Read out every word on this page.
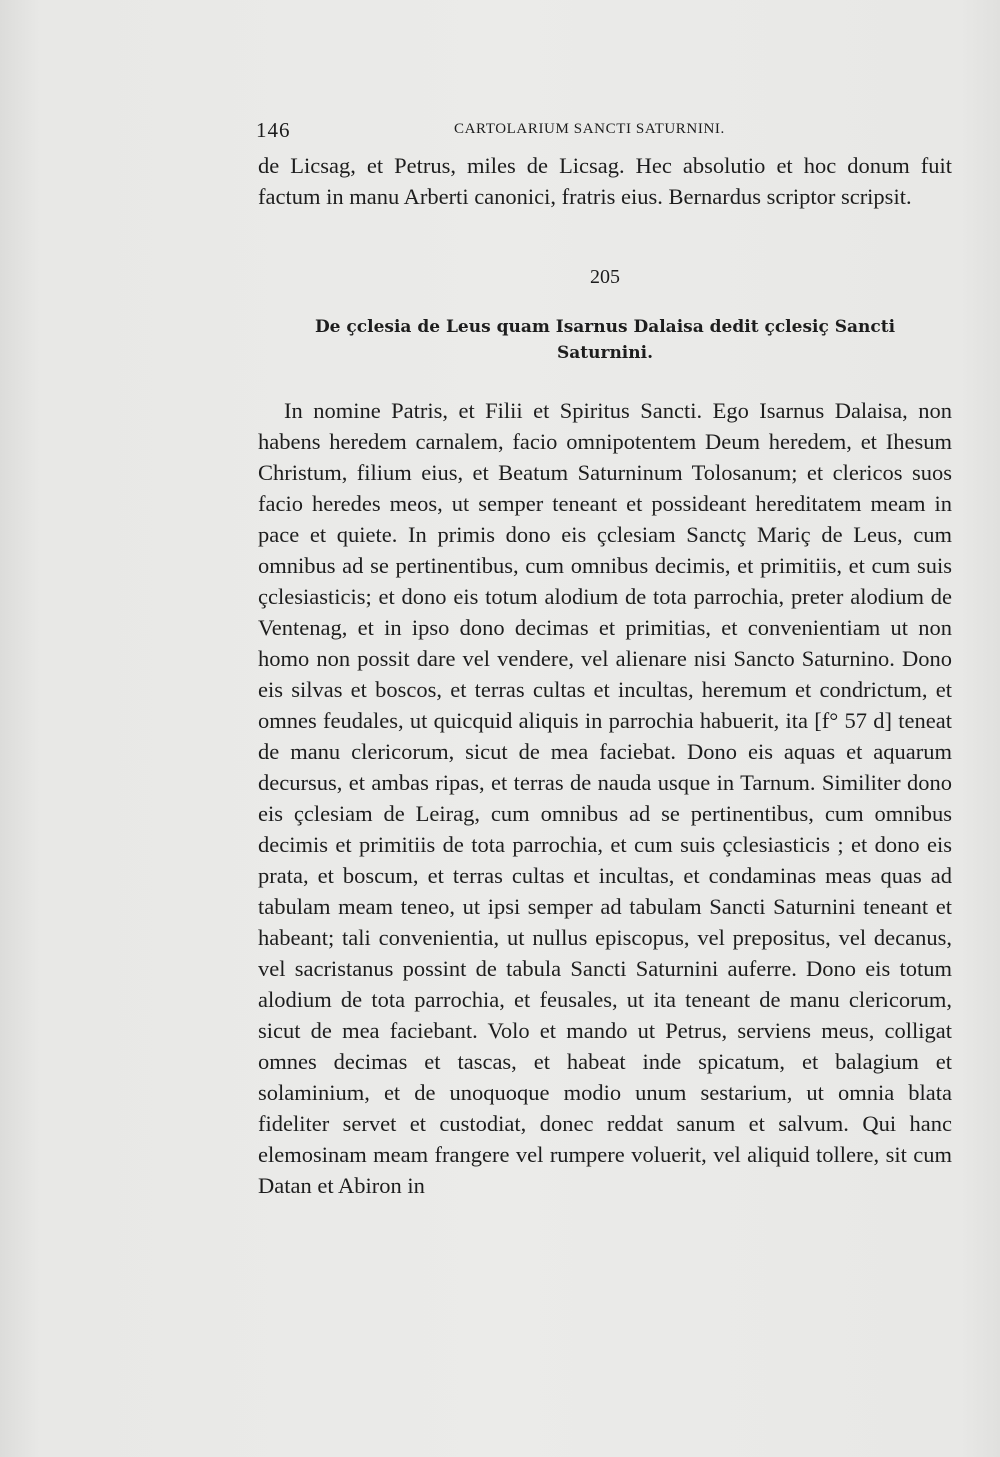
146	CARTOLARIUM SANCTI SATURNINI.

de Licsag, et Petrus, miles de Licsag. Hec absolutio et hoc donum fuit factum in manu Arberti canonici, fratris eius. Bernardus scriptor scripsit.

205

De çclesia de Leus quam Isarnus Dalaisa dedit çclesiç Sancti Saturnini.

In nomine Patris, et Filii et Spiritus Sancti. Ego Isarnus Dalaisa, non habens heredem carnalem, facio omnipotentem Deum heredem, et Ihesum Christum, filium eius, et Beatum Saturninum Tolosanum; et clericos suos facio heredes meos, ut semper teneant et possideant hereditatem meam in pace et quiete. In primis dono eis çclesiam Sanctç Mariç de Leus, cum omnibus ad se pertinentibus, cum omnibus decimis, et primitiis, et cum suis çclesiasticis; et dono eis totum alodium de tota parrochia, preter alodium de Ventenag, et in ipso dono decimas et primitias, et convenientiam ut non homo non possit dare vel vendere, vel alienare nisi Sancto Saturnino. Dono eis silvas et boscos, et terras cultas et incultas, heremum et condrictum, et omnes feudales, ut quicquid aliquis in parrochia habuerit, ita [f° 57 d] teneat de manu clericorum, sicut de mea faciebat. Dono eis aquas et aquarum decursus, et ambas ripas, et terras de nauda usque in Tarnum. Similiter dono eis çclesiam de Leirag, cum omnibus ad se pertinentibus, cum omnibus decimis et primitiis de tota parrochia, et cum suis çclesiasticis ; et dono eis prata, et boscum, et terras cultas et incultas, et condaminas meas quas ad tabulam meam teneo, ut ipsi semper ad tabulam Sancti Saturnini teneant et habeant; tali convenientia, ut nullus episcopus, vel prepositus, vel decanus, vel sacristanus possint de tabula Sancti Saturnini auferre. Dono eis totum alodium de tota parrochia, et feusales, ut ita teneant de manu clericorum, sicut de mea faciebant. Volo et mando ut Petrus, serviens meus, colligat omnes decimas et tascas, et habeat inde spicatum, et balagium et solaminium, et de unoquoque modio unum sestarium, ut omnia blata fideliter servet et custodiat, donec reddat sanum et salvum. Qui hanc elemosinam meam frangere vel rumpere voluerit, vel aliquid tollere, sit cum Datan et Abiron in
